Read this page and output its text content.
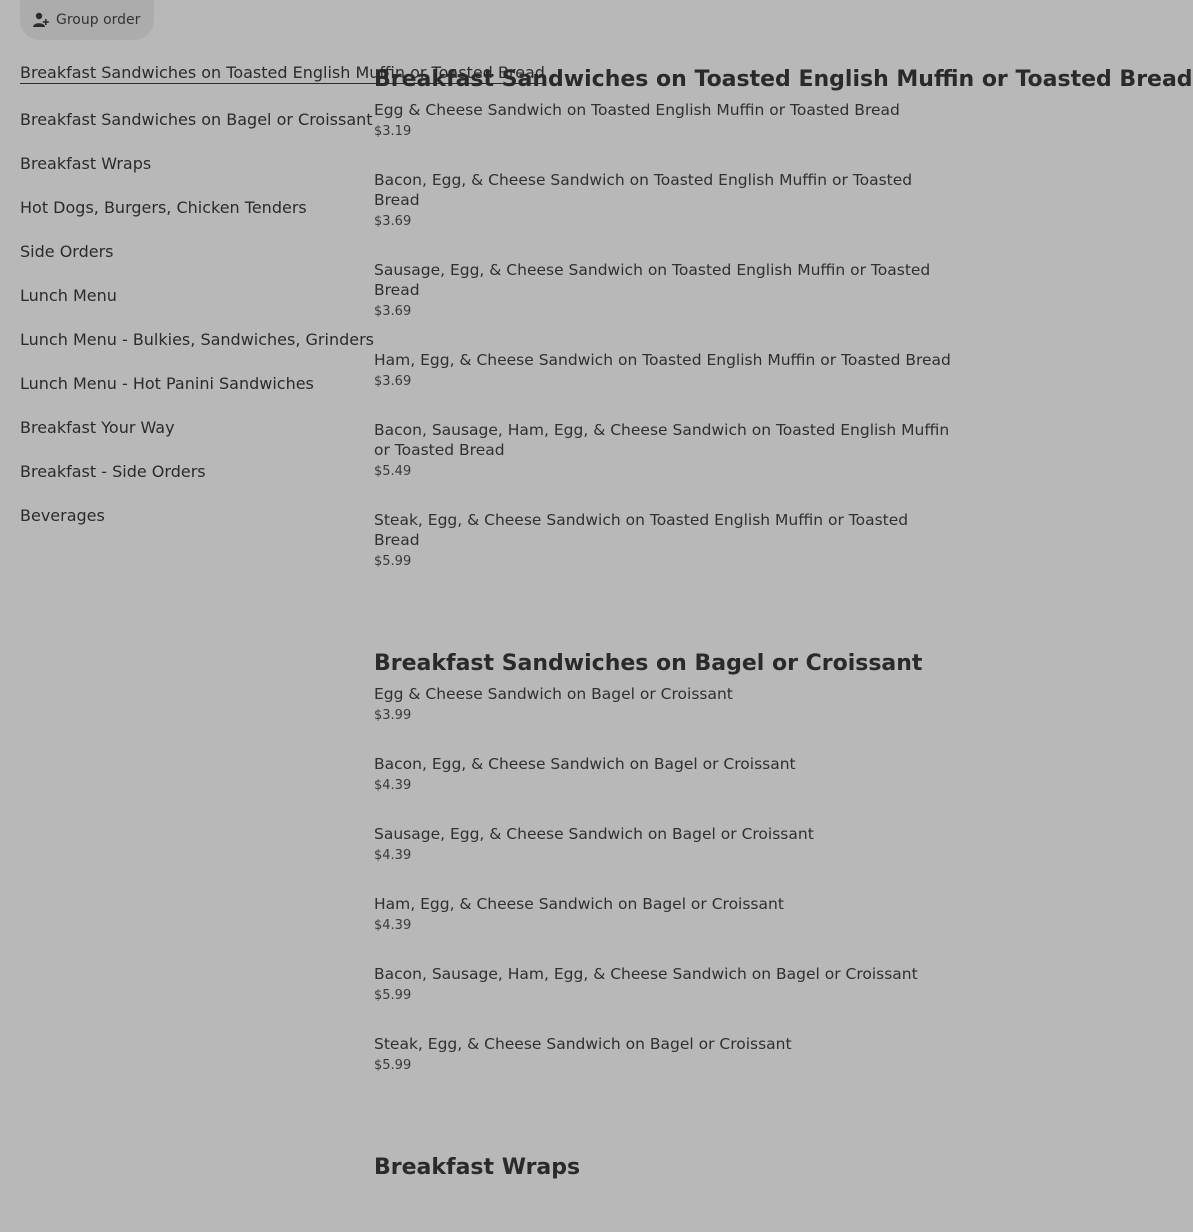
Group order
Breakfast Sandwiches on Toasted English Muffin or Toasted Bread
Breakfast Sandwiches on Bagel or Croissant
Breakfast Wraps
Hot Dogs, Burgers, Chicken Tenders
Side Orders
Lunch Menu
Lunch Menu - Bulkies, Sandwiches, Grinders
Lunch Menu - Hot Panini Sandwiches
Breakfast Your Way
Breakfast - Side Orders
Beverages
Breakfast Sandwiches on Toasted English Muffin or Toasted Bread
Egg & Cheese Sandwich on Toasted English Muffin or Toasted Bread
$3.19
Bacon, Egg, & Cheese Sandwich on Toasted English Muffin or Toasted Bread
$3.69
Sausage, Egg, & Cheese Sandwich on Toasted English Muffin or Toasted Bread
$3.69
Ham, Egg, & Cheese Sandwich on Toasted English Muffin or Toasted Bread
$3.69
Bacon, Sausage, Ham, Egg, & Cheese Sandwich on Toasted English Muffin or Toasted Bread
$5.49
Steak, Egg, & Cheese Sandwich on Toasted English Muffin or Toasted Bread
$5.99
Breakfast Sandwiches on Bagel or Croissant
Egg & Cheese Sandwich on Bagel or Croissant
$3.99
Bacon, Egg, & Cheese Sandwich on Bagel or Croissant
$4.39
Sausage, Egg, & Cheese Sandwich on Bagel or Croissant
$4.39
Ham, Egg, & Cheese Sandwich on Bagel or Croissant
$4.39
Bacon, Sausage, Ham, Egg, & Cheese Sandwich on Bagel or Croissant
$5.99
Steak, Egg, & Cheese Sandwich on Bagel or Croissant
$5.99
Breakfast Wraps
